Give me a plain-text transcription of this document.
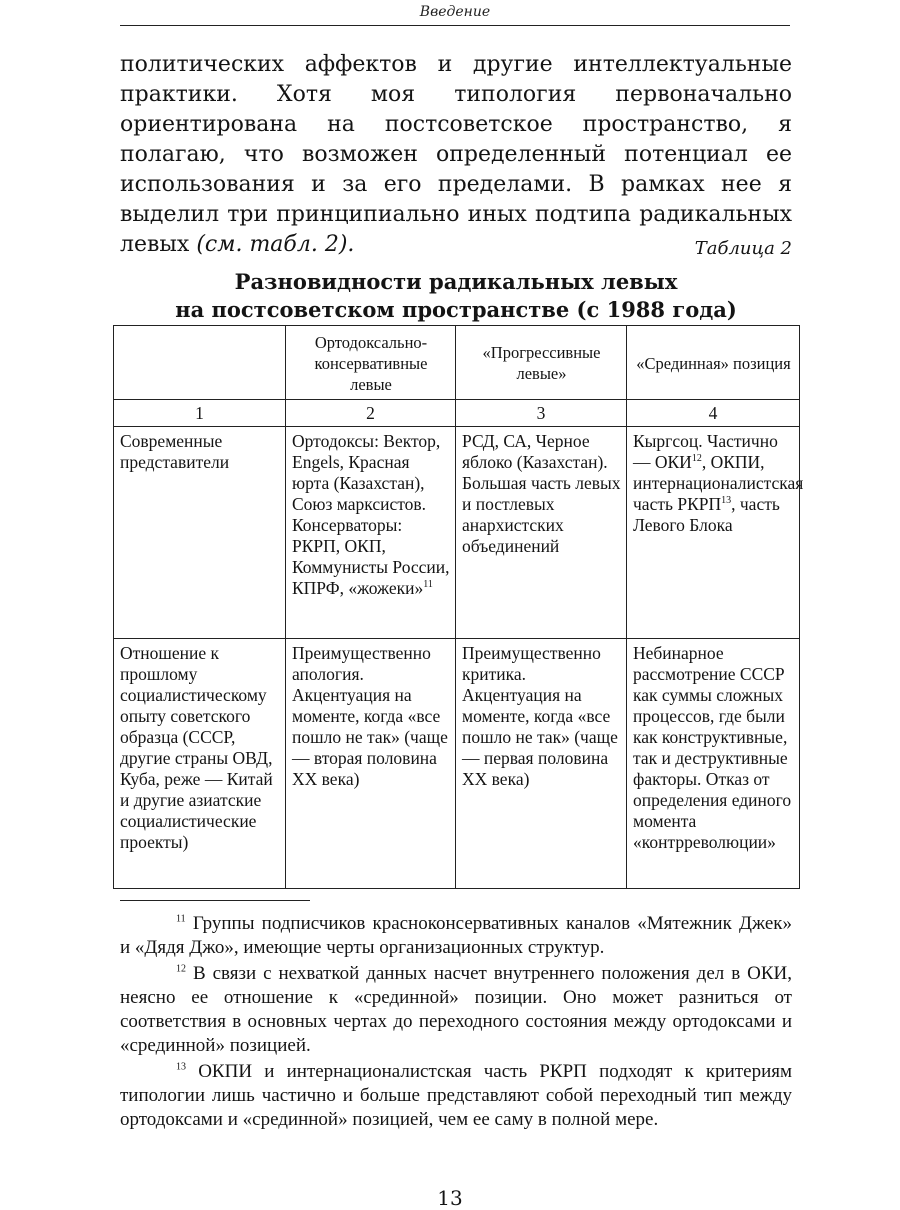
Введение

политических аффектов и другие интеллектуальные практики. Хотя моя типология первоначально ориентирована на постсоветское пространство, я полагаю, что возможен определенный потенциал ее использования и за его пределами. В рамках нее я выделил три принципиально иных подтипа радикальных левых (см. табл. 2).	Таблица 2

Разновидности радикальных левых
на постсоветском пространстве (с 1988 года)
	Ортодоксально-консервативные левые	«Прогрессивные левые»	«Срединная» позиция
1	2	3	4
Современные представители	Ортодоксы: Вектор, Engels, Красная юрта (Казахстан), Союз марксистов. Консерваторы: РКРП, ОКП, Коммунисты России, КПРФ, «жожеки»$^{11}$	РСД, СА, Черное яблоко (Казахстан). Большая часть левых и постлевых анархистских объединений	Кыргсоц. Частично — ОКИ$^{12}$, ОКПИ, интернационалистская часть РКРП$^{13}$, часть Левого Блока
Отношение к прошлому социалистическому опыту советского образца (СССР, другие страны ОВД, Куба, реже — Китай и другие азиатские социалистические проекты)	Преимущественно апология. Акцентуация на моменте, когда «все пошло не так» (чаще — вторая половина XX века)	Преимущественно критика. Акцентуация на моменте, когда «все пошло не так» (чаще — первая половина XX века)	Небинарное рассмотрение СССР как суммы сложных процессов, где были как конструктивные, так и деструктивные факторы. Отказ от определения единого момента «контрреволюции»

$^{11}$ Группы подписчиков красноконсервативных каналов «Мятежник Джек» и «Дядя Джо», имеющие черты организационных структур.

$^{12}$ В связи с нехваткой данных насчет внутреннего положения дел в ОКИ, неясно ее отношение к «срединной» позиции. Оно может разниться от соответствия в основных чертах до переходного состояния между ортодоксами и «срединной» позицией.

$^{13}$ ОКПИ и интернационалистская часть РКРП подходят к критериям типологии лишь частично и больше представляют собой переходный тип между ортодоксами и «срединной» позицией, чем ее саму в полной мере.

13
